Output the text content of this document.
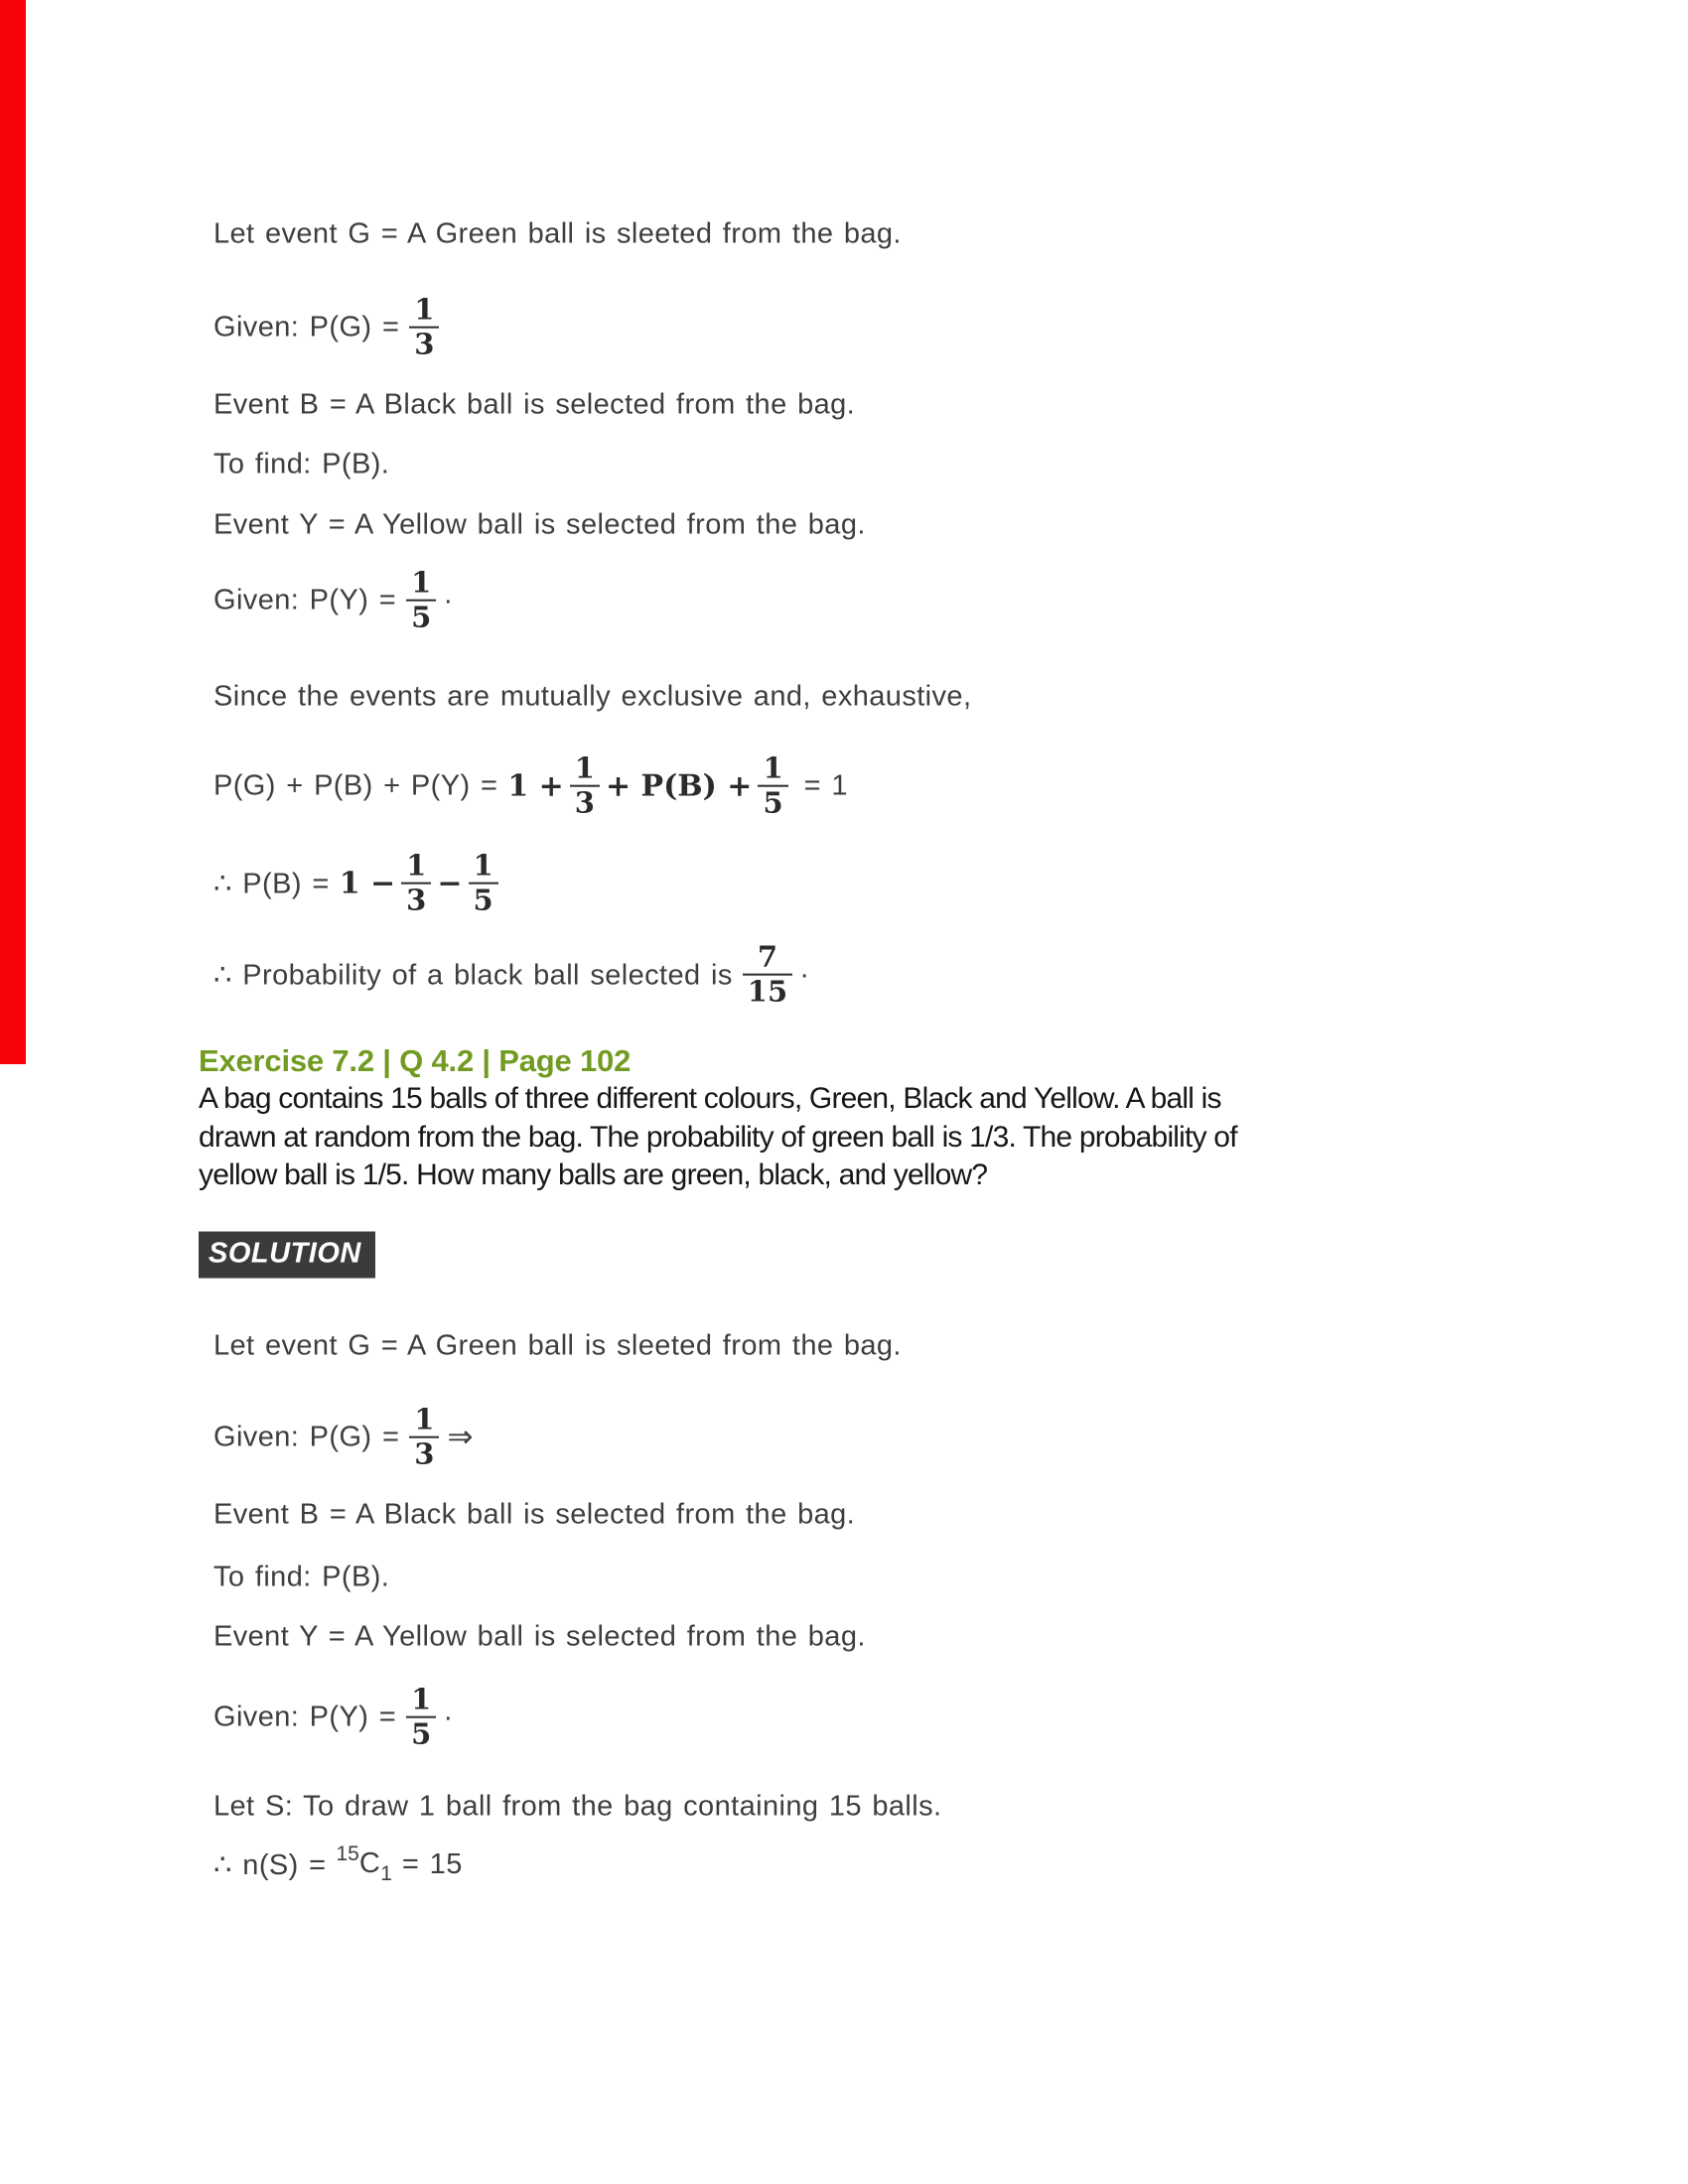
Let event G = A Green ball is sleeted from the bag.
Given: $P(G) = \frac{1}{3}$
Event B = A Black ball is selected from the bag.
To find: P(B).
Event Y = A Yellow ball is selected from the bag.
Given: $P(Y) = \frac{1}{5}$ .
Since the events are mutually exclusive and, exhaustive,
$P(G) + P(B) + P(Y) = 1 + \frac{1}{3} + P(B) + \frac{1}{5} = 1$
∴ $P(B) = 1 - \frac{1}{3} - \frac{1}{5}$
∴ Probability of a black ball selected is $\frac{7}{15}$ .
Exercise 7.2 | Q 4.2 | Page 102
A bag contains 15 balls of three different colours, Green, Black and Yellow. A ball is
drawn at random from the bag. The probability of green ball is 1/3. The probability of
yellow ball is 1/5. How many balls are green, black, and yellow?
SOLUTION
Let event G = A Green ball is sleeted from the bag.
Given: $P(G) = \frac{1}{3}$ ⇒
Event B = A Black ball is selected from the bag.
To find: P(B).
Event Y = A Yellow ball is selected from the bag.
Given: $P(Y) = \frac{1}{5}$ .
Let S: To draw 1 ball from the bag containing 15 balls.
∴ $n(S) = ^{15}C_1 = 15$
